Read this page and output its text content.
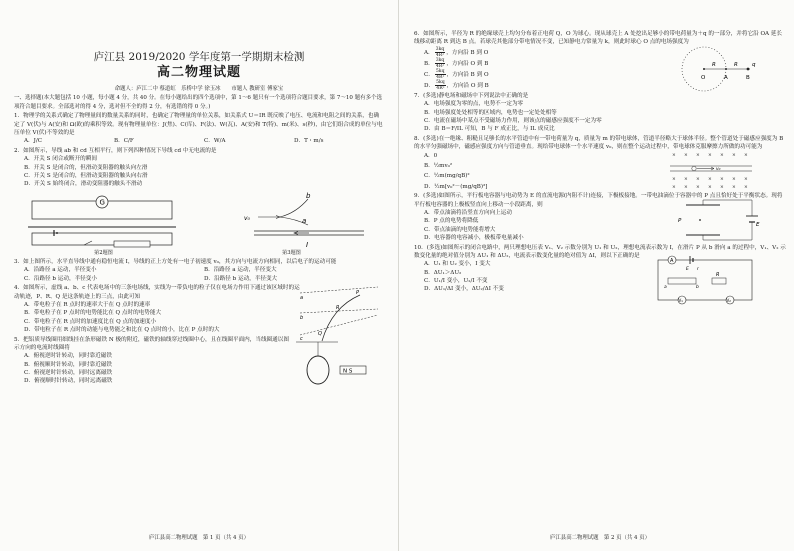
庐江县 2019/2020 学年度第一学期期末检测
高二物理试题
命题人：庐江二中 蔡道虹　乐桥中学 徐玉冰　　市题人 教研室 傅家宝
一、选择题(本大题包括 10 小题，每小题 4 分，共 40 分。在每小题给出的四个选项中，第 1～6 题只有一个选项符合题目要求，第 7～10 题有多个选项符合题目要求。全部选对的得 4 分，选对但不全的得 2 分，有选错的得 0 分。)
1．物理学的关系式确定了物理量间的数量关系的同时，也确定了物理量的单位关系，如关系式 U＝IR 既反映了电压、电流和电阻之间的关系，也确定了 V(伏)与 A(安)和 Ω(欧)的乘积等效。现有物理量单位：J(焦)、C(库)、F(法)、W(瓦)、A(安)和 T(特)、m(米)、s(秒)，由它们组合成的单位与电压单位 V(伏)不等效的是
A．J/C	B．C/F	C．W/A	D．T・m/s
2．如图所示，导线 ab 和 cd 互相平行，则下列四种情况下导线 cd 中无电流的是
A．开关 S 闭合或断开的瞬间
B．开关 S 是闭合的，但滑动变阻器的触头向左滑
C．开关 S 是闭合的，但滑动变阻器的触头向右滑
D．开关 S 始终闭合，滑动变阻器的触头不滑动
G
b
a
v₀
I
第2题图	第3题图
3．如上图所示，水平直导线中通有稳恒电流 I，导线的正上方处有一电子初速度 v₀，其方向与电流方向相同，以后电子的运动可能
A．沿路径 a 运动，半径变小	B．沿路径 a 运动，半径变大
C．沿路径 b 运动，半径变小	D．沿路径 b 运动，半径变大
4．如图所示，虚线 a、b、c 代表电场中的三条电场线，实线为一带负电的粒子仅在电场力作用下通过该区域时的运动轨迹，P、R、Q 是这条轨迹上的三点，由此可知	a
b
c
P
R
Q
A．带电粒子在 R 点时的速率大于在 Q 点时的速率
B．带电粒子在 P 点时的电势能比在 Q 点时的电势能大
C．带电粒子在 R 点时的加速度比在 Q 点的加速度小
D．带电粒子在 R 点时的动能与电势能之和比在 Q 点时的小，比在 P 点时的大
5．把铝质导线圈用细线挂在条形磁铁 N 极的附近，磁铁的轴线穿过线圈中心，且在线圈平面内，当线圈通以图示方向的电流时线圈将
A．俯视逆时针转动，同时靠近磁铁
B．俯视顺时针转动，同时靠近磁铁
C．俯视逆时针转动，同时远离磁铁
D．俯视顺时针转动，同时远离磁铁
N S
庐江县高二物理试题　第 1 页（共 4 页）
6．如图所示，半径为 R 的绝缘球壳上均匀分布着正电荷 Q，O 为球心。现从球壳上 A 处挖出足够小的带电荷量为＋q 的一部分，并将它沿 OA 延长线移动距离 R 到达 B 点。若球壳其他部分带电情况不变，已知静电力常量为 k，则此时球心 O 点的电场强度为
A． $\frac{3kq}{\text{4R²}}$ ，方向沿 B 到 O
B． $\frac{3kq}{\text{4R²}}$ ，方向沿 O 到 B
C． $\frac{5kq}{\text{4R²}}$ ，方向沿 B 到 O
D． $\frac{5kq}{\text{4R²}}$ ，方向沿 O 到 B
R	R	q
O	A	B
7．(多选)静电场和磁场中下列说法中正确的是
A．电场强度为零的点，电势不一定为零
B．电场强度处处相等的区域内，电势也一定处处相等
C．电流在磁场中某点不受磁场力作用，则该点的磁感应强度不一定为零
D．由 B＝F/IL 可知，B 与 F 成正比，与 IL 成反比
8．(多选)在一绝缘、粗糙且足够长的水平管道中有一带电荷量为 q，质量为 m 的带电球体，管道半径略大于球体半径。整个管道处于磁感应强度为 B 的水平匀强磁场中，磁感应强度方向与管道垂直。现给带电球体一个水平速度 v₀，则在整个运动过程中，带电球体克服摩擦力所做的功可能为
A．0
B．½mv₀²
C．½m(mg/qB)²
D．½m[v₀²－(mg/qB)²]
× × × × × × ×
× × × × × × ×
× × × × × × ×
v₀
9．(多选)如图所示，平行板电容器与电动势为 E 的直流电源(内阻不计)连接，下极板接地。一带电油滴位于容器中的 P 点且恰好处于平衡状态。现将平行板电容器的上极板竖直向上移动一小段距离，则
A．带点油滴将沿竖直方向向上运动
B．P 点的电势将降低
C．带点油滴的电势能将增大
D．电容器的电容减小，极板带电量减小
P
E
10．(多选)如图所示的闭合电路中，两只理想电压表 V₁、V₂ 示数分别为 U₁ 和 U₂，理想电流表示数为 I，在滑片 P 从 b 滑向 a 的过程中，V₁、V₂ 示数变化量的绝对值分别为 ΔU₁ 和 ΔU₂，电流表示数变化量的绝对值为 ΔI，则以下正确的是
A．U₁ 和 U₂ 变小，I 变大
B．ΔU₁＞ΔU₂
C．U₁/I 变小，U₂/I 不变
D．ΔU₁/ΔI 变小，ΔU₂/ΔI 不变
A
E r
a	b
R
V₁	V₂
庐江县高二物理试题　第 2 页（共 4 页）
